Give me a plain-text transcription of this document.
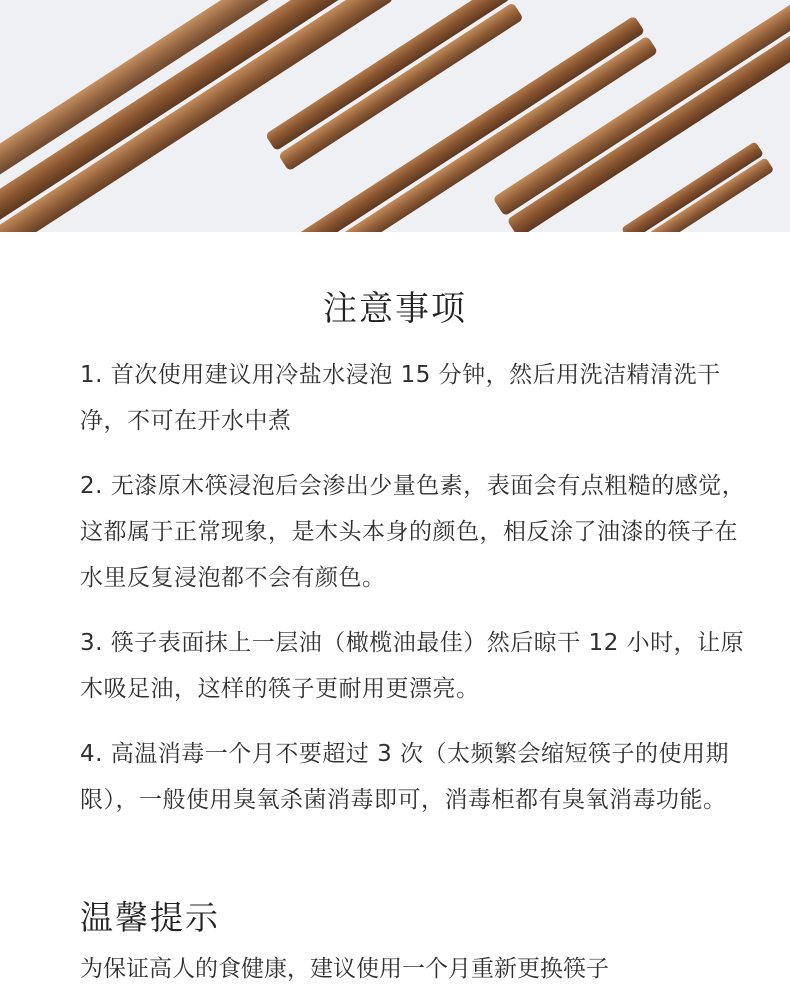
注意事项

1. 首次使用建议用冷盐水浸泡 15 分钟，然后用洗洁精清洗干净，不可在开水中煮

2. 无漆原木筷浸泡后会渗出少量色素，表面会有点粗糙的感觉，这都属于正常现象，是木头本身的颜色，相反涂了油漆的筷子在水里反复浸泡都不会有颜色。

3. 筷子表面抹上一层油（橄榄油最佳）然后晾干 12 小时，让原木吸足油，这样的筷子更耐用更漂亮。

4. 高温消毒一个月不要超过 3 次（太频繁会缩短筷子的使用期限），一般使用臭氧杀菌消毒即可，消毒柜都有臭氧消毒功能。

温馨提示
为保证高人的食健康，建议使用一个月重新更换筷子
